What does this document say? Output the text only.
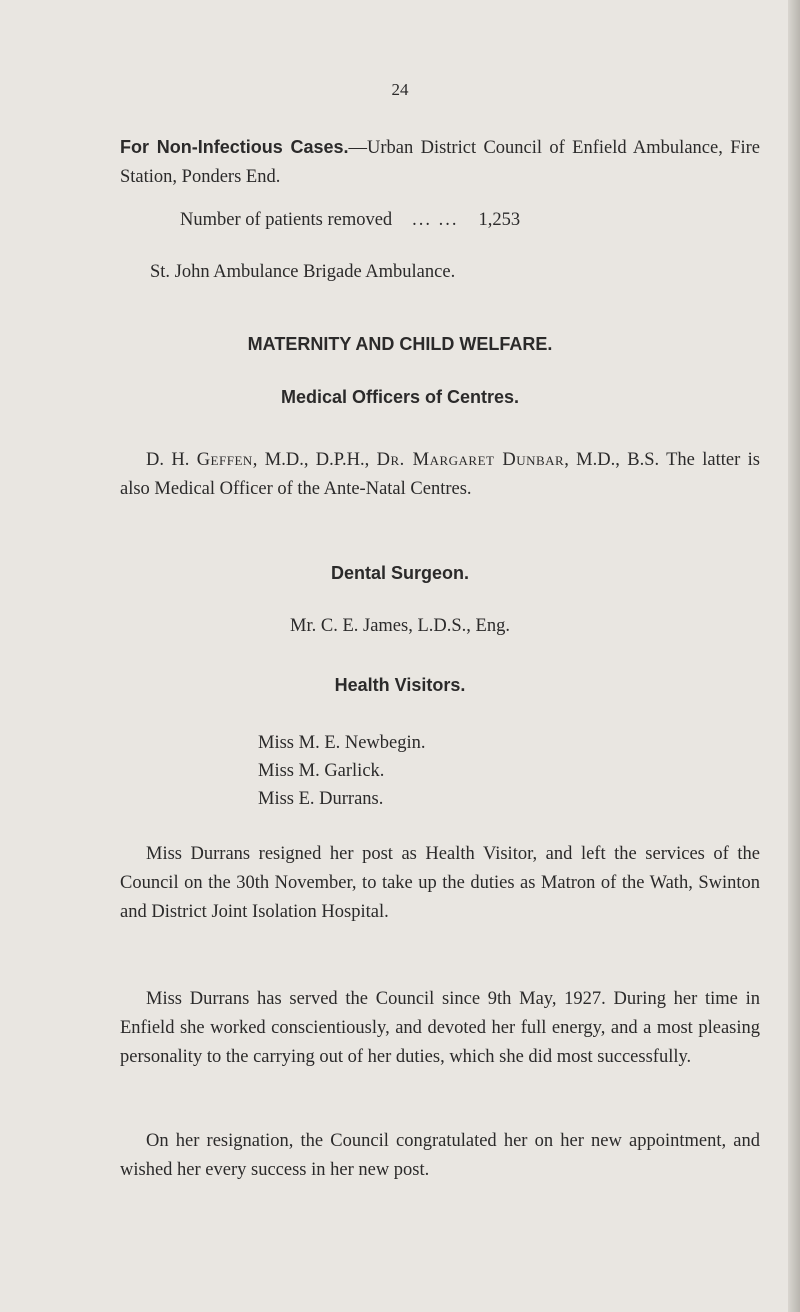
24
For Non-Infectious Cases.—Urban District Council of Enfield Ambulance, Fire Station, Ponders End.
Number of patients removed ... ... 1,253
St. John Ambulance Brigade Ambulance.
MATERNITY AND CHILD WELFARE.
Medical Officers of Centres.
D. H. Geffen, M.D., D.P.H., Dr. Margaret Dunbar, M.D., B.S. The latter is also Medical Officer of the Ante-Natal Centres.
Dental Surgeon.
Mr. C. E. James, L.D.S., Eng.
Health Visitors.
Miss M. E. Newbegin.
Miss M. Garlick.
Miss E. Durrans.
Miss Durrans resigned her post as Health Visitor, and left the services of the Council on the 30th November, to take up the duties as Matron of the Wath, Swinton and District Joint Isolation Hospital.
Miss Durrans has served the Council since 9th May, 1927. During her time in Enfield she worked conscientiously, and devoted her full energy, and a most pleasing personality to the carrying out of her duties, which she did most successfully.
On her resignation, the Council congratulated her on her new appointment, and wished her every success in her new post.
